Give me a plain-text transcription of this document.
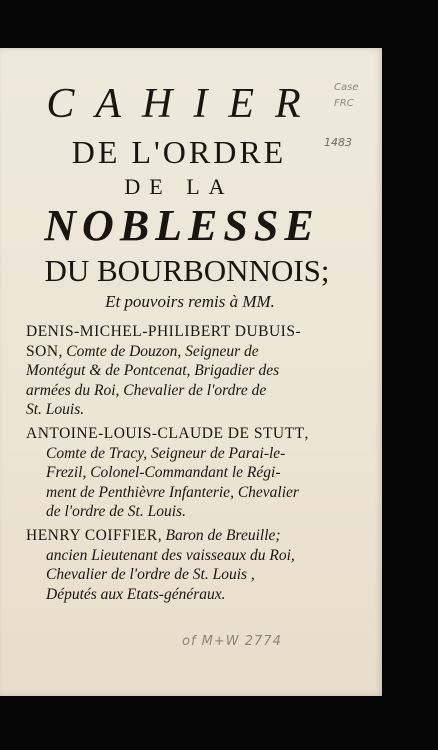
CAHIER
DE L'ORDRE
DE LA
NOBLESSE
DU BOURBONNOIS;
Et pouvoirs remis à MM.
DENIS-MICHEL-PHILIBERT DUBUIS-
SON, Comte de Douzon, Seigneur de
Montégut & de Pontcenat, Brigadier des
armées du Roi, Chevalier de l'ordre de
St. Louis.
ANTOINE-LOUIS-CLAUDE DE STUTT,
Comte de Tracy, Seigneur de Parai-le-
Frezil, Colonel-Commandant le Régi-
ment de Penthièvre Infanterie, Chevalier
de l'ordre de St. Louis.
HENRY COIFFIER, Baron de Breuille;
ancien Lieutenant des vaisseaux du Roi,
Chevalier de l'ordre de St. Louis ,
Députés aux Etats-généraux.
Case
FRC
1483
of M+W 2774
